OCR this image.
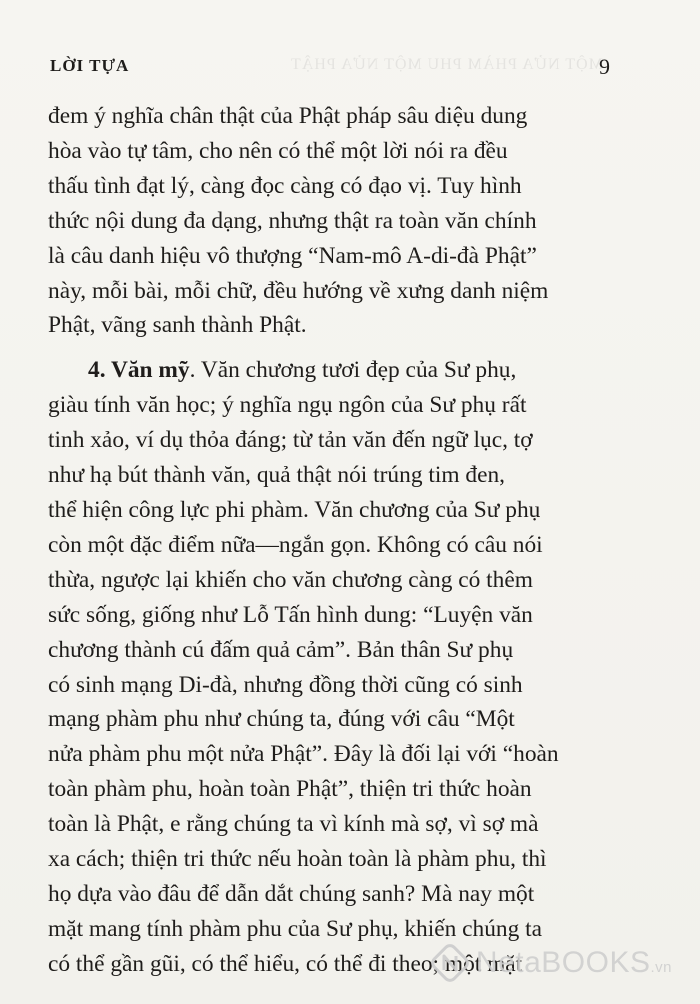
MỘT NỬA PHÀM PHU MỘT NỬA PHẬT
LỜI TỰA	9
đem ý nghĩa chân thật của Phật pháp sâu diệu dung
hòa vào tự tâm, cho nên có thể một lời nói ra đều
thấu tình đạt lý, càng đọc càng có đạo vị. Tuy hình
thức nội dung đa dạng, nhưng thật ra toàn văn chính
là câu danh hiệu vô thượng “Nam-mô A-di-đà Phật”
này, mỗi bài, mỗi chữ, đều hướng về xưng danh niệm
Phật, vãng sanh thành Phật.
4. Văn mỹ. Văn chương tươi đẹp của Sư phụ,
giàu tính văn học; ý nghĩa ngụ ngôn của Sư phụ rất
tinh xảo, ví dụ thỏa đáng; từ tản văn đến ngữ lục, tợ
như hạ bút thành văn, quả thật nói trúng tim đen,
thể hiện công lực phi phàm. Văn chương của Sư phụ
còn một đặc điểm nữa—ngắn gọn. Không có câu nói
thừa, ngược lại khiến cho văn chương càng có thêm
sức sống, giống như Lỗ Tấn hình dung: “Luyện văn
chương thành cú đấm quả cảm”. Bản thân Sư phụ
có sinh mạng Di-đà, nhưng đồng thời cũng có sinh
mạng phàm phu như chúng ta, đúng với câu “Một
nửa phàm phu một nửa Phật”. Đây là đối lại với “hoàn
toàn phàm phu, hoàn toàn Phật”, thiện tri thức hoàn
toàn là Phật, e rằng chúng ta vì kính mà sợ, vì sợ mà
xa cách; thiện tri thức nếu hoàn toàn là phàm phu, thì
họ dựa vào đâu để dẫn dắt chúng sanh? Mà nay một
mặt mang tính phàm phu của Sư phụ, khiến chúng ta
có thể gần gũi, có thể hiểu, có thể đi theo; một mặt
NetaBOOKS.vn
